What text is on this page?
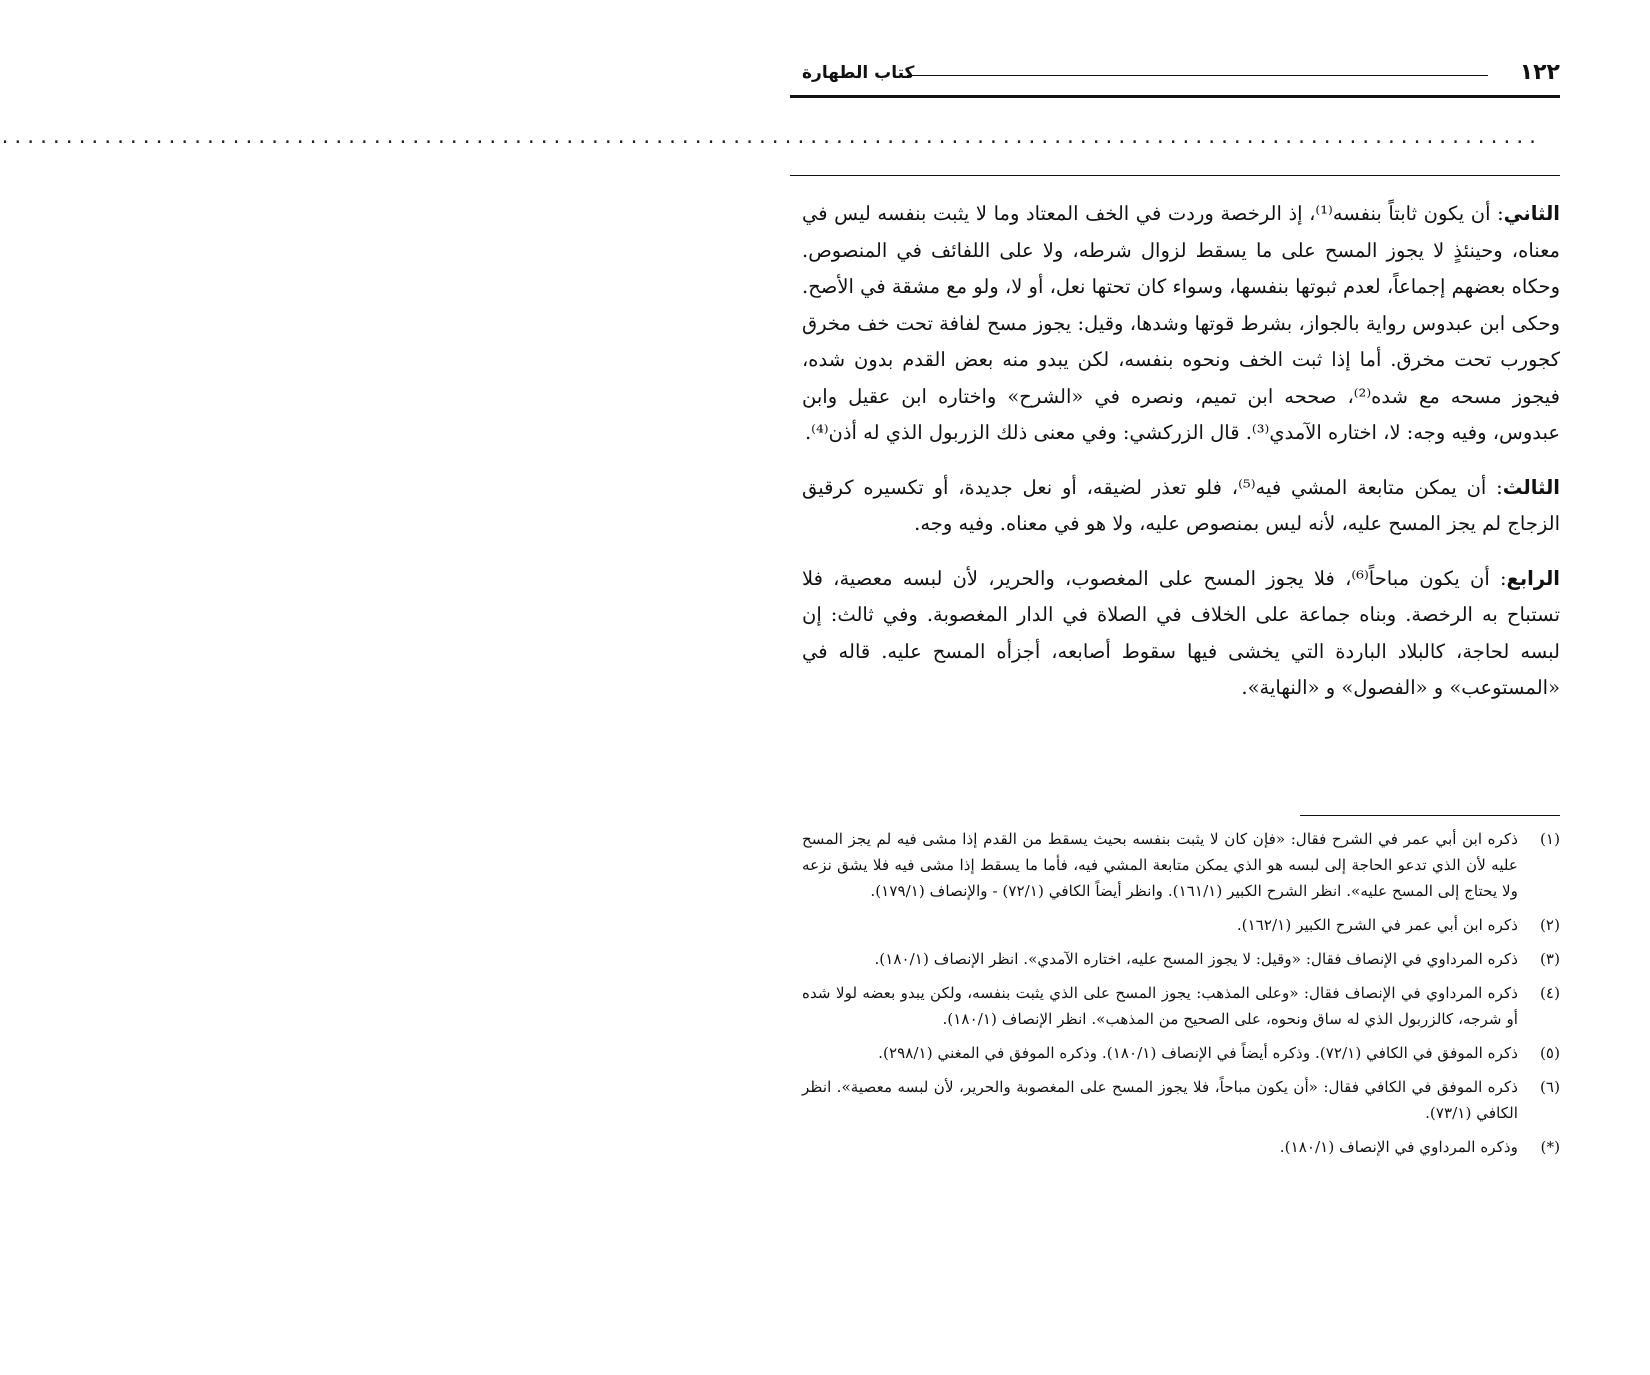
١٢٢
كتاب الطهارة
........................................................................................................................

الثاني: أن يكون ثابتاً بنفسه⁽¹⁾، إذ الرخصة وردت في الخف المعتاد وما لا يثبت بنفسه ليس في معناه، وحينئذٍ لا يجوز المسح على ما يسقط لزوال شرطه، ولا على اللفائف في المنصوص. وحكاه بعضهم إجماعاً، لعدم ثبوتها بنفسها، وسواء كان تحتها نعل، أو لا، ولو مع مشقة في الأصح. وحكى ابن عبدوس رواية بالجواز، بشرط قوتها وشدها، وقيل: يجوز مسح لفافة تحت خف مخرق كجورب تحت مخرق. أما إذا ثبت الخف ونحوه بنفسه، لكن يبدو منه بعض القدم بدون شده، فيجوز مسحه مع شده⁽²⁾، صححه ابن تميم، ونصره في «الشرح» واختاره ابن عقيل وابن عبدوس، وفيه وجه: لا، اختاره الآمدي⁽³⁾. قال الزركشي: وفي معنى ذلك الزربول الذي له أذن⁽⁴⁾.

الثالث: أن يمكن متابعة المشي فيه⁽⁵⁾، فلو تعذر لضيقه، أو نعل جديدة، أو تكسيره كرقيق الزجاج لم يجز المسح عليه، لأنه ليس بمنصوص عليه، ولا هو في معناه. وفيه وجه.

الرابع: أن يكون مباحاً⁽⁶⁾، فلا يجوز المسح على المغصوب، والحرير، لأن لبسه معصية، فلا تستباح به الرخصة. وبناه جماعة على الخلاف في الصلاة في الدار المغصوبة. وفي ثالث: إن لبسه لحاجة، كالبلاد الباردة التي يخشى فيها سقوط أصابعه، أجزأه المسح عليه. قاله في «المستوعب» و «الفصول» و «النهاية».

(١)
ذكره ابن أبي عمر في الشرح فقال: «فإن كان لا يثبت بنفسه بحيث يسقط من القدم إذا مشى فيه لم يجز المسح عليه لأن الذي تدعو الحاجة إلى لبسه هو الذي يمكن متابعة المشي فيه، فأما ما يسقط إذا مشى فيه فلا يشق نزعه ولا يحتاج إلى المسح عليه». انظر الشرح الكبير (١٦١/١). وانظر أيضاً الكافي (٧٢/١) - والإنصاف (١٧٩/١).
(٢)
ذكره ابن أبي عمر في الشرح الكبير (١٦٢/١).
(٣)
ذكره المرداوي في الإنصاف فقال: «وقيل: لا يجوز المسح عليه، اختاره الآمدي». انظر الإنصاف (١٨٠/١).
(٤)
ذكره المرداوي في الإنصاف فقال: «وعلى المذهب: يجوز المسح على الذي يثبت بنفسه، ولكن يبدو بعضه لولا شده أو شرجه، كالزربول الذي له ساق ونحوه، على الصحيح من المذهب». انظر الإنصاف (١٨٠/١).
(٥)
ذكره الموفق في الكافي (٧٢/١). وذكره أيضاً في الإنصاف (١٨٠/١). وذكره الموفق في المغني (٢٩٨/١).
(٦)
ذكره الموفق في الكافي فقال: «أن يكون مباحاً، فلا يجوز المسح على المغصوبة والحرير، لأن لبسه معصية». انظر الكافي (٧٣/١).
(*)
وذكره المرداوي في الإنصاف (١٨٠/١).
